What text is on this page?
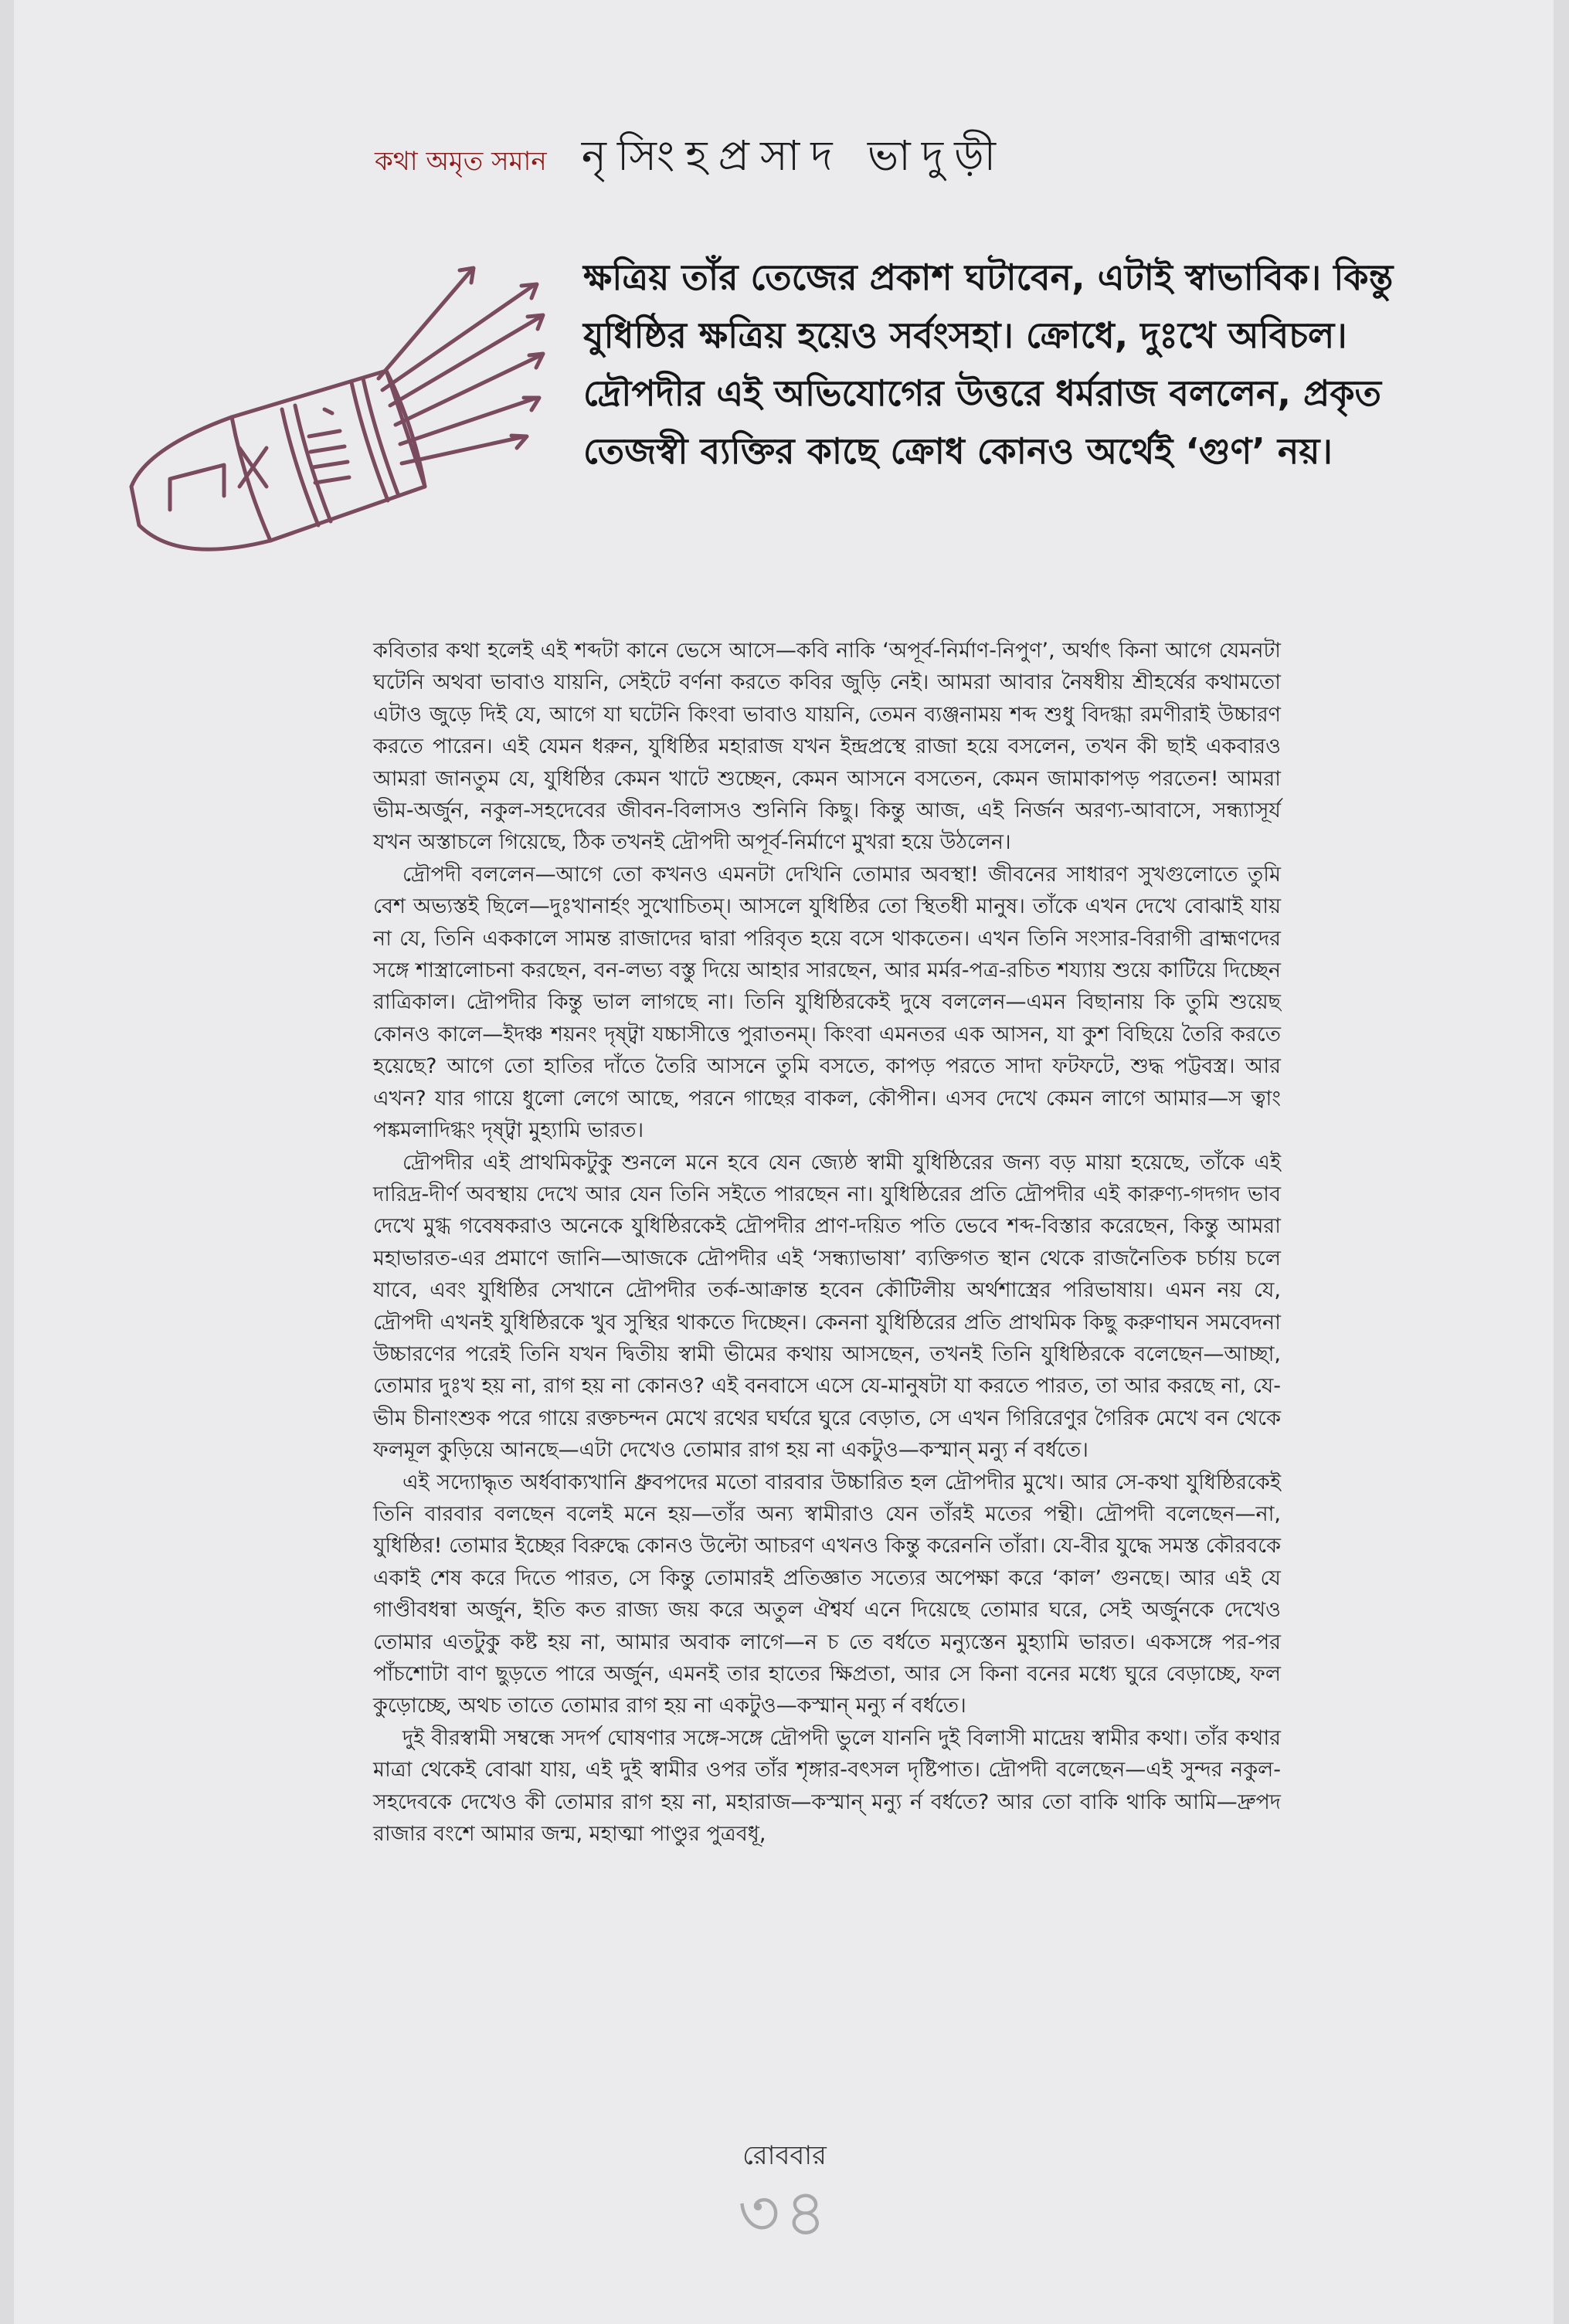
কথা অমৃত সমান নৃসিংহপ্রসাদ ভাদুড়ী
ক্ষত্রিয় তাঁর তেজের প্রকাশ ঘটাবেন, এটাই স্বাভাবিক। কিন্তু যুধিষ্ঠির ক্ষত্রিয় হয়েও সর্বংসহা। ক্রোধে, দুঃখে অবিচল। দ্রৌপদীর এই অভিযোগের উত্তরে ধর্মরাজ বললেন, প্রকৃত তেজস্বী ব্যক্তির কাছে ক্রোধ কোনও অর্থেই ‘গুণ’ নয়।

কবিতার কথা হলেই এই শব্দটা কানে ভেসে আসে—কবি নাকি ‘অপূর্ব-নির্মাণ-নিপুণ’, অর্থাৎ কিনা আগে যেমনটা ঘটেনি অথবা ভাবাও যায়নি, সেইটে বর্ণনা করতে কবির জুড়ি নেই। আমরা আবার নৈষধীয় শ্রীহর্ষের কথামতো এটাও জুড়ে দিই যে, আগে যা ঘটেনি কিংবা ভাবাও যায়নি, তেমন ব্যঞ্জনাময় শব্দ শুধু বিদগ্ধা রমণীরাই উচ্চারণ করতে পারেন। এই যেমন ধরুন, যুধিষ্ঠির মহারাজ যখন ইন্দ্রপ্রস্থে রাজা হয়ে বসলেন, তখন কী ছাই একবারও আমরা জানতুম যে, যুধিষ্ঠির কেমন খাটে শুচ্ছেন, কেমন আসনে বসতেন, কেমন জামাকাপড় পরতেন! আমরা ভীম-অর্জুন, নকুল-সহদেবের জীবন-বিলাসও শুনিনি কিছু। কিন্তু আজ, এই নির্জন অরণ্য-আবাসে, সন্ধ্যাসূর্য যখন অস্তাচলে গিয়েছে, ঠিক তখনই দ্রৌপদী অপূর্ব-নির্মাণে মুখরা হয়ে উঠলেন।

দ্রৌপদী বললেন—আগে তো কখনও এমনটা দেখিনি তোমার অবস্থা! জীবনের সাধারণ সুখগুলোতে তুমি বেশ অভ্যস্তই ছিলে—দুঃখানার্হং সুখোচিতম্। আসলে যুধিষ্ঠির তো স্থিতধী মানুষ। তাঁকে এখন দেখে বোঝাই যায় না যে, তিনি এককালে সামন্ত রাজাদের দ্বারা পরিবৃত হয়ে বসে থাকতেন। এখন তিনি সংসার-বিরাগী ব্রাহ্মণদের সঙ্গে শাস্ত্রালোচনা করছেন, বন-লভ্য বস্তু দিয়ে আহার সারছেন, আর মর্মর-পত্র-রচিত শয্যায় শুয়ে কাটিয়ে দিচ্ছেন রাত্রিকাল। দ্রৌপদীর কিন্তু ভাল লাগছে না। তিনি যুধিষ্ঠিরকেই দুষে বললেন—এমন বিছানায় কি তুমি শুয়েছ কোনও কালে—ইদঞ্চ শয়নং দৃষ্ট্বা যচ্চাসীত্তে পুরাতনম্। কিংবা এমনতর এক আসন, যা কুশ বিছিয়ে তৈরি করতে হয়েছে? আগে তো হাতির দাঁতে তৈরি আসনে তুমি বসতে, কাপড় পরতে সাদা ফটফটে, শুদ্ধ পট্টবস্ত্র। আর এখন? যার গায়ে ধুলো লেগে আছে, পরনে গাছের বাকল, কৌপীন। এসব দেখে কেমন লাগে আমার—স ত্বাং পঙ্কমলাদিগ্ধং দৃষ্ট্বা মুহ্যামি ভারত।

দ্রৌপদীর এই প্রাথমিকটুকু শুনলে মনে হবে যেন জ্যেষ্ঠ স্বামী যুধিষ্ঠিরের জন্য বড় মায়া হয়েছে, তাঁকে এই দারিদ্র-দীর্ণ অবস্থায় দেখে আর যেন তিনি সইতে পারছেন না। যুধিষ্ঠিরের প্রতি দ্রৌপদীর এই কারুণ্য-গদগদ ভাব দেখে মুগ্ধ গবেষকরাও অনেকে যুধিষ্ঠিরকেই দ্রৌপদীর প্রাণ-দয়িত পতি ভেবে শব্দ-বিস্তার করেছেন, কিন্তু আমরা মহাভারত-এর প্রমাণে জানি—আজকে দ্রৌপদীর এই ‘সন্ধ্যাভাষা’ ব্যক্তিগত স্থান থেকে রাজনৈতিক চর্চায় চলে যাবে, এবং যুধিষ্ঠির সেখানে দ্রৌপদীর তর্ক-আক্রান্ত হবেন কৌটিলীয় অর্থশাস্ত্রের পরিভাষায়। এমন নয় যে, দ্রৌপদী এখনই যুধিষ্ঠিরকে খুব সুস্থির থাকতে দিচ্ছেন। কেননা যুধিষ্ঠিরের প্রতি প্রাথমিক কিছু করুণাঘন সমবেদনা উচ্চারণের পরেই তিনি যখন দ্বিতীয় স্বামী ভীমের কথায় আসছেন, তখনই তিনি যুধিষ্ঠিরকে বলেছেন—আচ্ছা, তোমার দুঃখ হয় না, রাগ হয় না কোনও? এই বনবাসে এসে যে-মানুষটা যা করতে পারত, তা আর করছে না, যে-ভীম চীনাংশুক পরে গায়ে রক্তচন্দন মেখে রথের ঘর্ঘরে ঘুরে বেড়াত, সে এখন গিরিরেণুর গৈরিক মেখে বন থেকে ফলমূল কুড়িয়ে আনছে—এটা দেখেও তোমার রাগ হয় না একটুও—কস্মান্ মন্যু র্ন বর্ধতে।

এই সদ্যোদ্ধৃত অর্ধবাক্যখানি ধ্রুবপদের মতো বারবার উচ্চারিত হল দ্রৌপদীর মুখে। আর সে-কথা যুধিষ্ঠিরকেই তিনি বারবার বলছেন বলেই মনে হয়—তাঁর অন্য স্বামীরাও যেন তাঁরই মতের পন্থী। দ্রৌপদী বলেছেন—না, যুধিষ্ঠির! তোমার ইচ্ছের বিরুদ্ধে কোনও উল্টো আচরণ এখনও কিন্তু করেননি তাঁরা। যে-বীর যুদ্ধে সমস্ত কৌরবকে একাই শেষ করে দিতে পারত, সে কিন্তু তোমারই প্রতিজ্ঞাত সত্যের অপেক্ষা করে ‘কাল’ গুনছে। আর এই যে গাণ্ডীবধন্বা অর্জুন, ইতি কত রাজ্য জয় করে অতুল ঐশ্বর্য এনে দিয়েছে তোমার ঘরে, সেই অর্জুনকে দেখেও তোমার এতটুকু কষ্ট হয় না, আমার অবাক লাগে—ন চ তে বর্ধতে মন্যুস্তেন মুহ্যামি ভারত। একসঙ্গে পর-পর পাঁচশোটা বাণ ছুড়তে পারে অর্জুন, এমনই তার হাতের ক্ষিপ্রতা, আর সে কিনা বনের মধ্যে ঘুরে বেড়াচ্ছে, ফল কুড়োচ্ছে, অথচ তাতে তোমার রাগ হয় না একটুও—কস্মান্ মন্যু র্ন বর্ধতে।

দুই বীরস্বামী সম্বন্ধে সদর্প ঘোষণার সঙ্গে-সঙ্গে দ্রৌপদী ভুলে যাননি দুই বিলাসী মাদ্রেয় স্বামীর কথা। তাঁর কথার মাত্রা থেকেই বোঝা যায়, এই দুই স্বামীর ওপর তাঁর শৃঙ্গার-বৎসল দৃষ্টিপাত। দ্রৌপদী বলেছেন—এই সুন্দর নকুল-সহদেবকে দেখেও কী তোমার রাগ হয় না, মহারাজ—কস্মান্ মন্যু র্ন বর্ধতে? আর তো বাকি থাকি আমি—দ্রুপদ রাজার বংশে আমার জন্ম, মহাত্মা পাণ্ডুর পুত্রবধূ,

রোববার
৩৪
